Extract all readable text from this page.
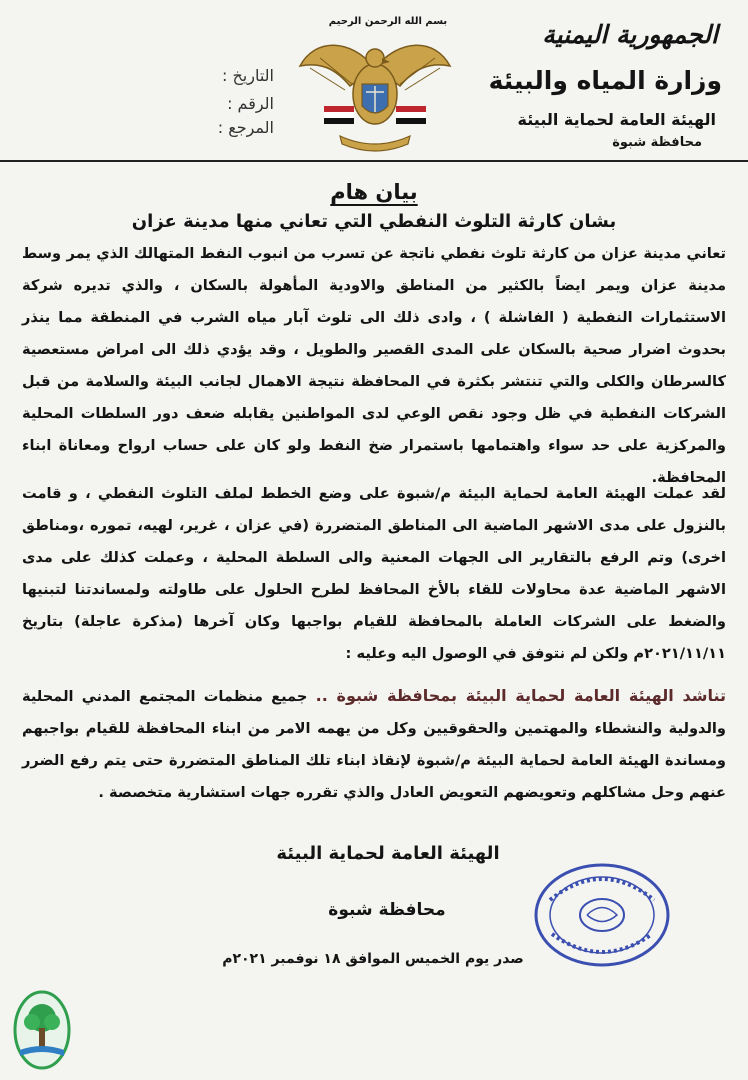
الجمهورية اليمنية
وزارة المياه والبيئة
الهيئة العامة لحماية البيئة
محافظة شبوة
بسم الله الرحمن الرحيم
التاريخ :
الرقم :
المرجع :
بيان هام
بشان كارثة التلوث النفطي التي تعاني منها مدينة عزان
تعاني مدينة عزان من كارثة تلوث نفطي ناتجة عن تسرب من انبوب النفط المتهالك الذي يمر وسط مدينة عزان ويمر ايضاً بالكثير من المناطق والاودية المأهولة بالسكان ، والذي تديره شركة الاستثمارات النفطية ( الفاشلة ) ، وادى ذلك الى تلوث آبار مياه الشرب في المنطقة مما ينذر بحدوث اضرار صحية بالسكان على المدى القصير والطويل ، وقد يؤدي ذلك الى امراض مستعصية كالسرطان والكلى والتي تنتشر بكثرة في المحافظة نتيجة الاهمال لجانب البيئة والسلامة من قبل الشركات النفطية في ظل وجود نقص الوعي لدى المواطنين يقابله ضعف دور السلطات المحلية والمركزية على حد سواء واهتمامها باستمرار ضخ النفط ولو كان على حساب ارواح ومعاناة ابناء المحافظة.
لقد عملت الهيئة العامة لحماية البيئة م/شبوة على وضع الخطط لملف التلوث النفطي ، و قامت بالنزول على مدى الاشهر الماضية الى المناطق المتضررة (في عزان ، غرير، لهيه، تموره ،ومناطق اخرى) وتم الرفع بالتقارير الى الجهات المعنية والى السلطة المحلية ، وعملت كذلك على مدى الاشهر الماضية عدة محاولات للقاء بالأخ المحافظ لطرح الحلول على طاولته ولمساندتنا لتبنيها والضغط على الشركات العاملة بالمحافظة للقيام بواجبها وكان آخرها (مذكرة عاجلة) بتاريخ ٢٠٢١/١١/١١م ولكن لم نتوفق في الوصول اليه وعليه :
تناشد الهيئة العامة لحماية البيئة بمحافظة شبوة .. جميع منظمات المجتمع المدني المحلية والدولية والنشطاء والمهتمين والحقوقيين وكل من يهمه الامر من ابناء المحافظة للقيام بواجبهم ومساندة الهيئة العامة لحماية البيئة م/شبوة لإنقاذ ابناء تلك المناطق المتضررة حتى يتم رفع الضرر عنهم وحل مشاكلهم وتعويضهم التعويض العادل والذي تقرره جهات استشارية متخصصة .
الهيئة العامة لحماية البيئة
محافظة شبوة
صدر يوم الخميس الموافق ١٨ نوفمبر ٢٠٢١م
